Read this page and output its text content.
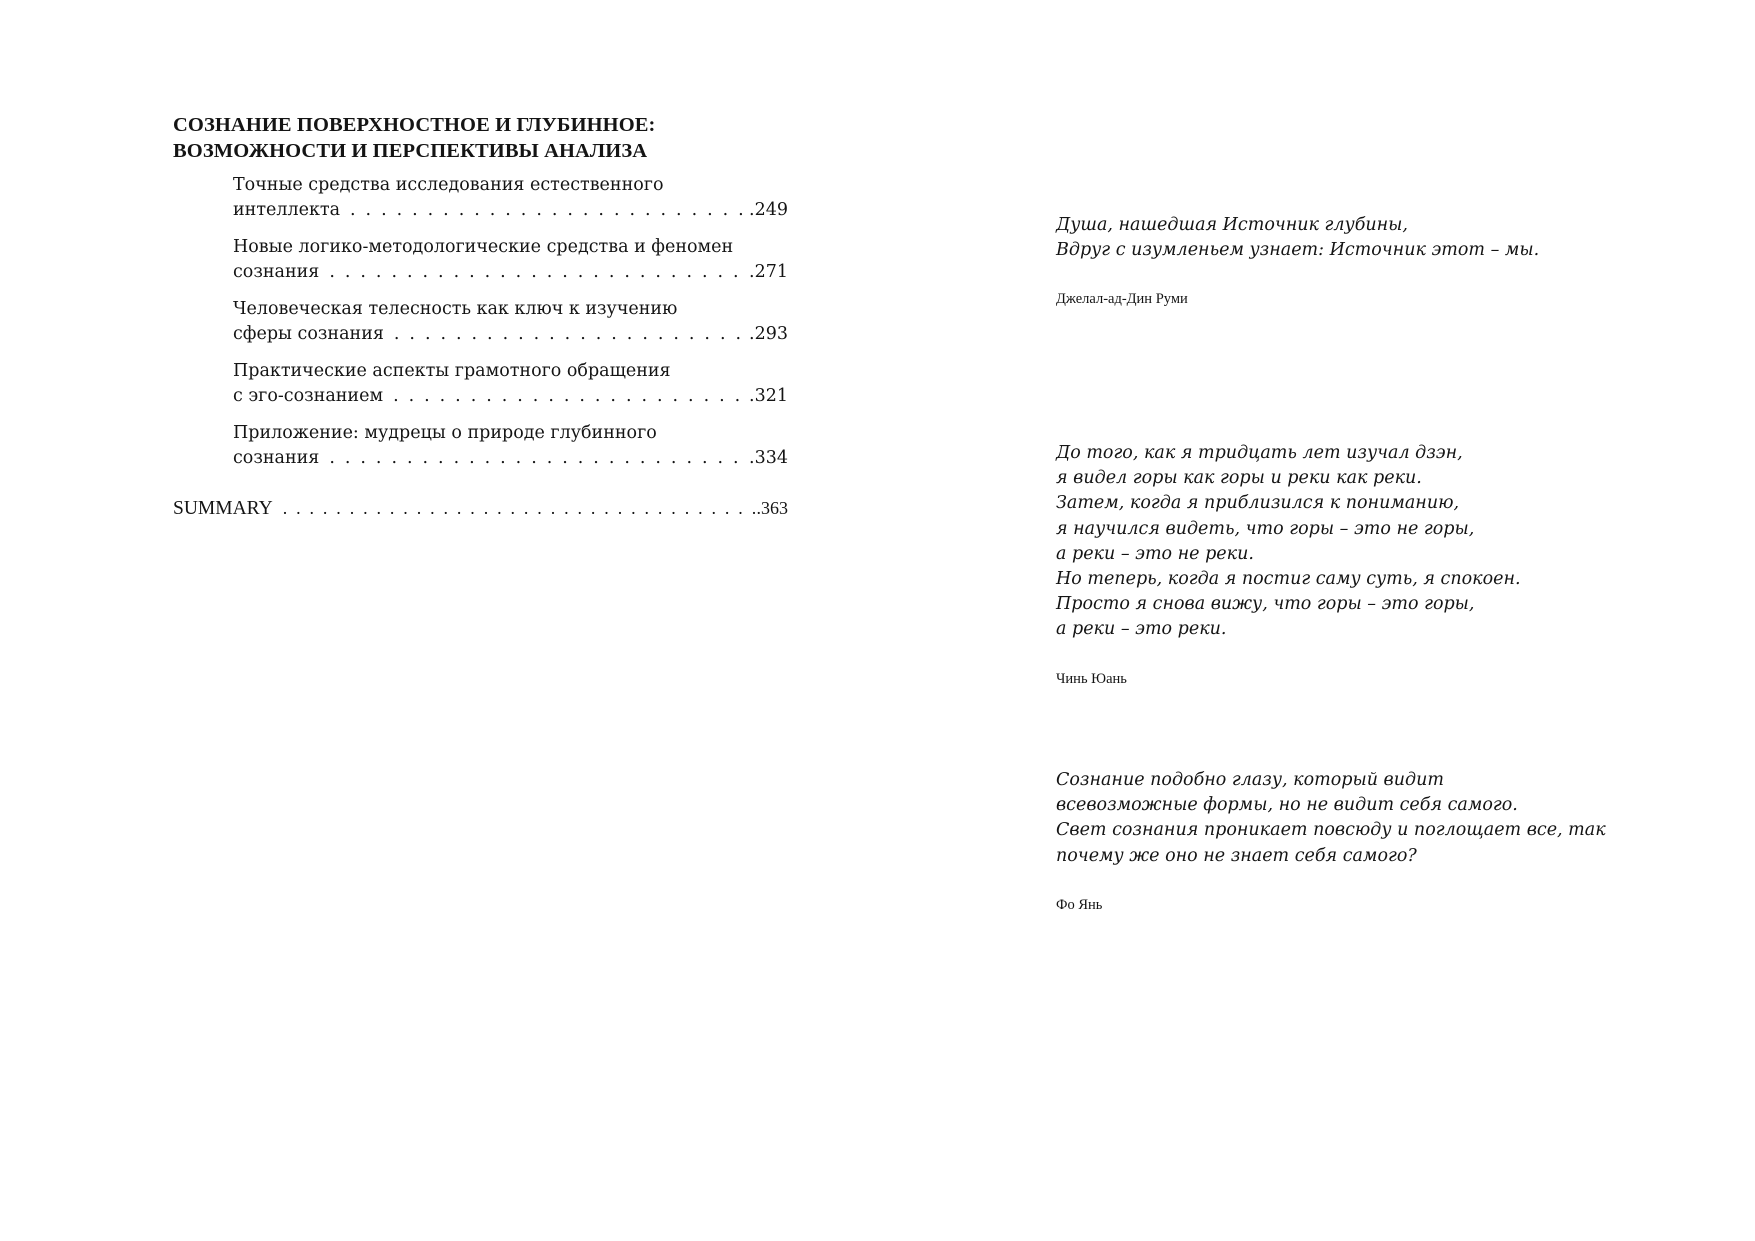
СОЗНАНИЕ ПОВЕРХНОСТНОЕ И ГЛУБИННОЕ:
ВОЗМОЖНОСТИ И ПЕРСПЕКТИВЫ АНАЛИЗА
Точные средства исследования естественного
интеллекта . . .	.249
Новые логико-методологические средства и феномен
сознания . . .	.271
Человеческая телесность как ключ к изучению
сферы сознания . . .	.293
Практические аспекты грамотного обращения
с эго-сознанием . . .	.321
Приложение: мудрецы о природе глубинного
сознания . . .	.334
SUMMARY . . .	.363

Душа, нашедшая Источник глубины,
Вдруг с изумленьем узнает: Источник этот – мы.

Джелал-ад-Дин Руми

До того, как я тридцать лет изучал дзэн,
я видел горы как горы и реки как реки.
Затем, когда я приблизился к пониманию,
я научился видеть, что горы – это не горы,
а реки – это не реки.
Но теперь, когда я постиг саму суть, я спокоен.
Просто я снова вижу, что горы – это горы,
а реки – это реки.

Чинь Юань

Сознание подобно глазу, который видит
всевозможные формы, но не видит себя самого.
Свет сознания проникает повсюду и поглощает все, так
почему же оно не знает себя самого?

Фо Янь
